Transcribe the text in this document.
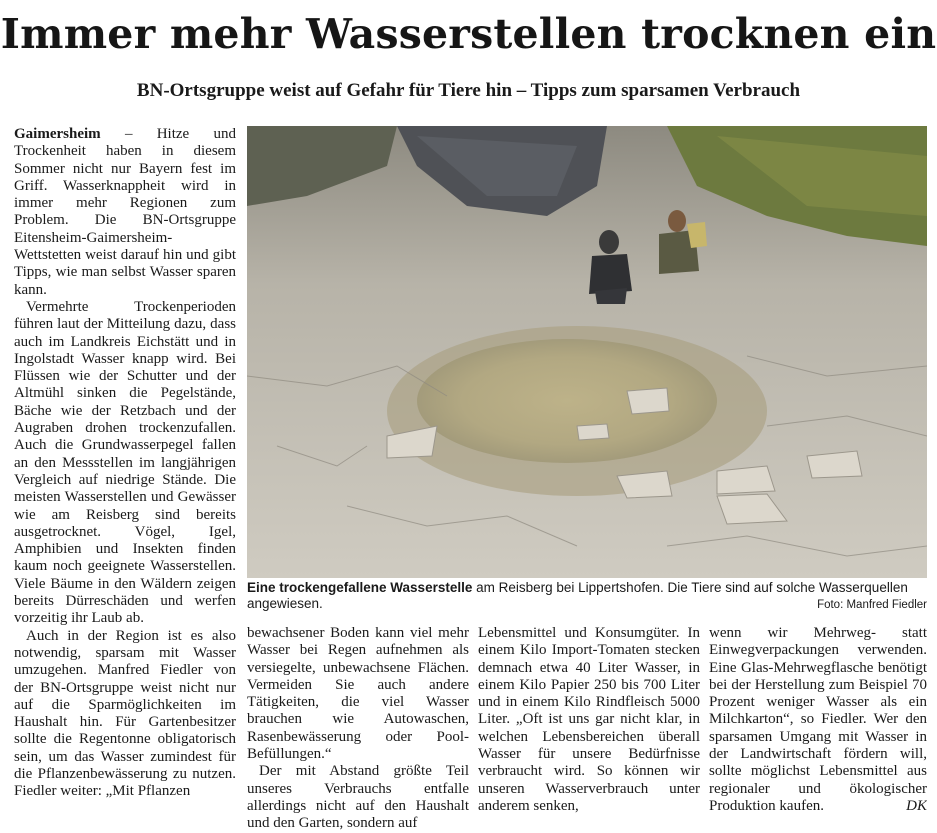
Immer mehr Wasserstellen trocknen ein
BN-Ortsgruppe weist auf Gefahr für Tiere hin – Tipps zum sparsamen Verbrauch

Gaimersheim – Hitze und Trockenheit haben in diesem Sommer nicht nur Bayern fest im Griff. Wasserknappheit wird in immer mehr Regionen zum Problem. Die BN-Ortsgruppe Eitensheim-Gaimersheim-Wettstetten weist darauf hin und gibt Tipps, wie man selbst Wasser sparen kann.

Vermehrte Trockenperioden führen laut der Mitteilung dazu, dass auch im Landkreis Eichstätt und in Ingolstadt Wasser knapp wird. Bei Flüssen wie der Schutter und der Altmühl sinken die Pegelstände, Bäche wie der Retzbach und der Augraben drohen trockenzufallen. Auch die Grundwasserpegel fallen an den Messstellen im langjährigen Vergleich auf niedrige Stände. Die meisten Wasserstellen und Gewässer wie am Reisberg sind bereits ausgetrocknet. Vögel, Igel, Amphibien und Insekten finden kaum noch geeignete Wasserstellen. Viele Bäume in den Wäldern zeigen bereits Dürreschäden und werfen vorzeitig ihr Laub ab.

Auch in der Region ist es also notwendig, sparsam mit Wasser umzugehen. Manfred Fiedler von der BN-Ortsgruppe weist nicht nur auf die Sparmöglichkeiten im Haushalt hin. Für Gartenbesitzer sollte die Regentonne obligatorisch sein, um das Wasser zumindest für die Pflanzenbewässerung zu nutzen. Fiedler weiter: „Mit Pflanzen

Eine trockengefallene Wasserstelle am Reisberg bei Lippertshofen. Die Tiere sind auf solche Wasserquellen angewiesen.	Foto: Manfred Fiedler

bewachsener Boden kann viel mehr Wasser bei Regen aufnehmen als versiegelte, unbewachsene Flächen. Vermeiden Sie auch andere Tätigkeiten, die viel Wasser brauchen wie Autowaschen, Rasenbewässerung oder Pool-Befüllungen.“

Der mit Abstand größte Teil unseres Verbrauchs entfalle allerdings nicht auf den Haushalt und den Garten, sondern auf

Lebensmittel und Konsumgüter. In einem Kilo Import-Tomaten stecken demnach etwa 40 Liter Wasser, in einem Kilo Papier 250 bis 700 Liter und in einem Kilo Rindfleisch 5000 Liter. „Oft ist uns gar nicht klar, in welchen Lebensbereichen überall Wasser für unsere Bedürfnisse verbraucht wird. So können wir unseren Wasserverbrauch unter anderem senken,

wenn wir Mehrweg- statt Einwegverpackungen verwenden. Eine Glas-Mehrwegflasche benötigt bei der Herstellung zum Beispiel 70 Prozent weniger Wasser als ein Milchkarton“, so Fiedler. Wer den sparsamen Umgang mit Wasser in der Landwirtschaft fördern will, sollte möglichst Lebensmittel aus regionaler und ökologischer Produktion kaufen.	DK
